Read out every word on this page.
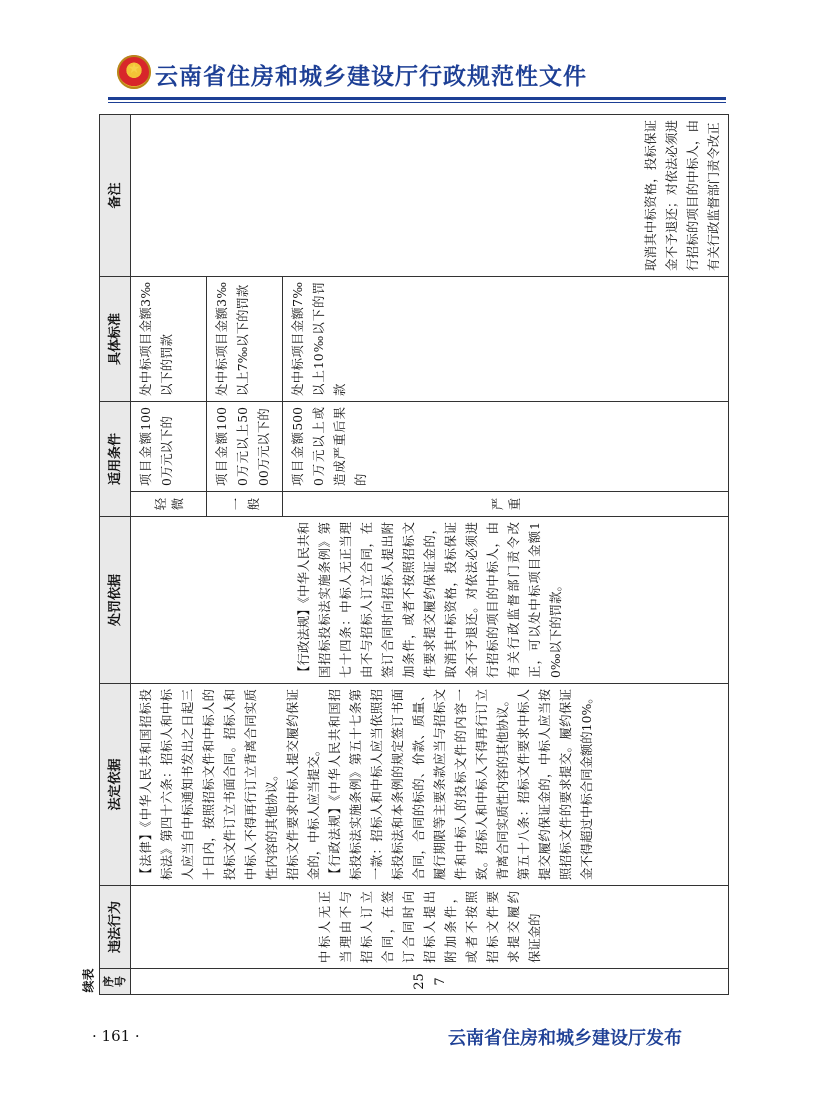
★
云南省住房和城乡建设厅行政规范性文件
续表 序号	违法行为	法定依据	处罚依据	适用条件		具体标准	备注
257	中标人无正当理由不与招标人订立合同，在签订合同时向招标人提出附加条件，或者不按照招标文件要求提交履约保证金的	【法律】《中华人民共和国招标投标法》第四十六条：招标人和中标人应当自中标通知书发出之日起三十日内，按照招标文件和中标人的投标文件订立书面合同。招标人和中标人不得再行订立背离合同实质性内容的其他协议。 招标文件要求中标人提交履约保证金的，中标人应当提交。 【行政法规】《中华人民共和国招标投标法实施条例》第五十七条第一款：招标人和中标人应当依照招标投标法和本条例的规定签订书面合同，合同的标的、价款、质量、履行期限等主要条款应当与招标文件和中标人的投标文件的内容一致。招标人和中标人不得再行订立背离合同实质性内容的其他协议。 第五十八条：招标文件要求中标人提交履约保证金的，中标人应当按照招标文件的要求提交。履约保证金不得超过中标合同金额的10%。	【行政法规】《中华人民共和国招标投标法实施条例》第七十四条：中标人无正当理由不与招标人订立合同，在签订合同时向招标人提出附加条件，或者不按照招标文件要求提交履约保证金的，取消其中标资格，投标保证金不予退还。对依法必须进行招标的项目的中标人，由有关行政监督部门责令改正，可以处中标项目金额10‰以下的罚款。	轻微	项目金额1000万元以下的	处中标项目金额3‰以下的罚款	取消其中标资格，投标保证金不予退还；对依法必须进行招标的项目的中标人，由有关行政监督部门责令改正
				一般	项目金额1000万元以上5000万元以下的	处中标项目金额3‰以上7‰以下的罚款	
				严重	项目金额5000万元以上或造成严重后果的	处中标项目金额7‰以上10‰以下的罚款	
· 161 ·	云南省住房和城乡建设厅发布
